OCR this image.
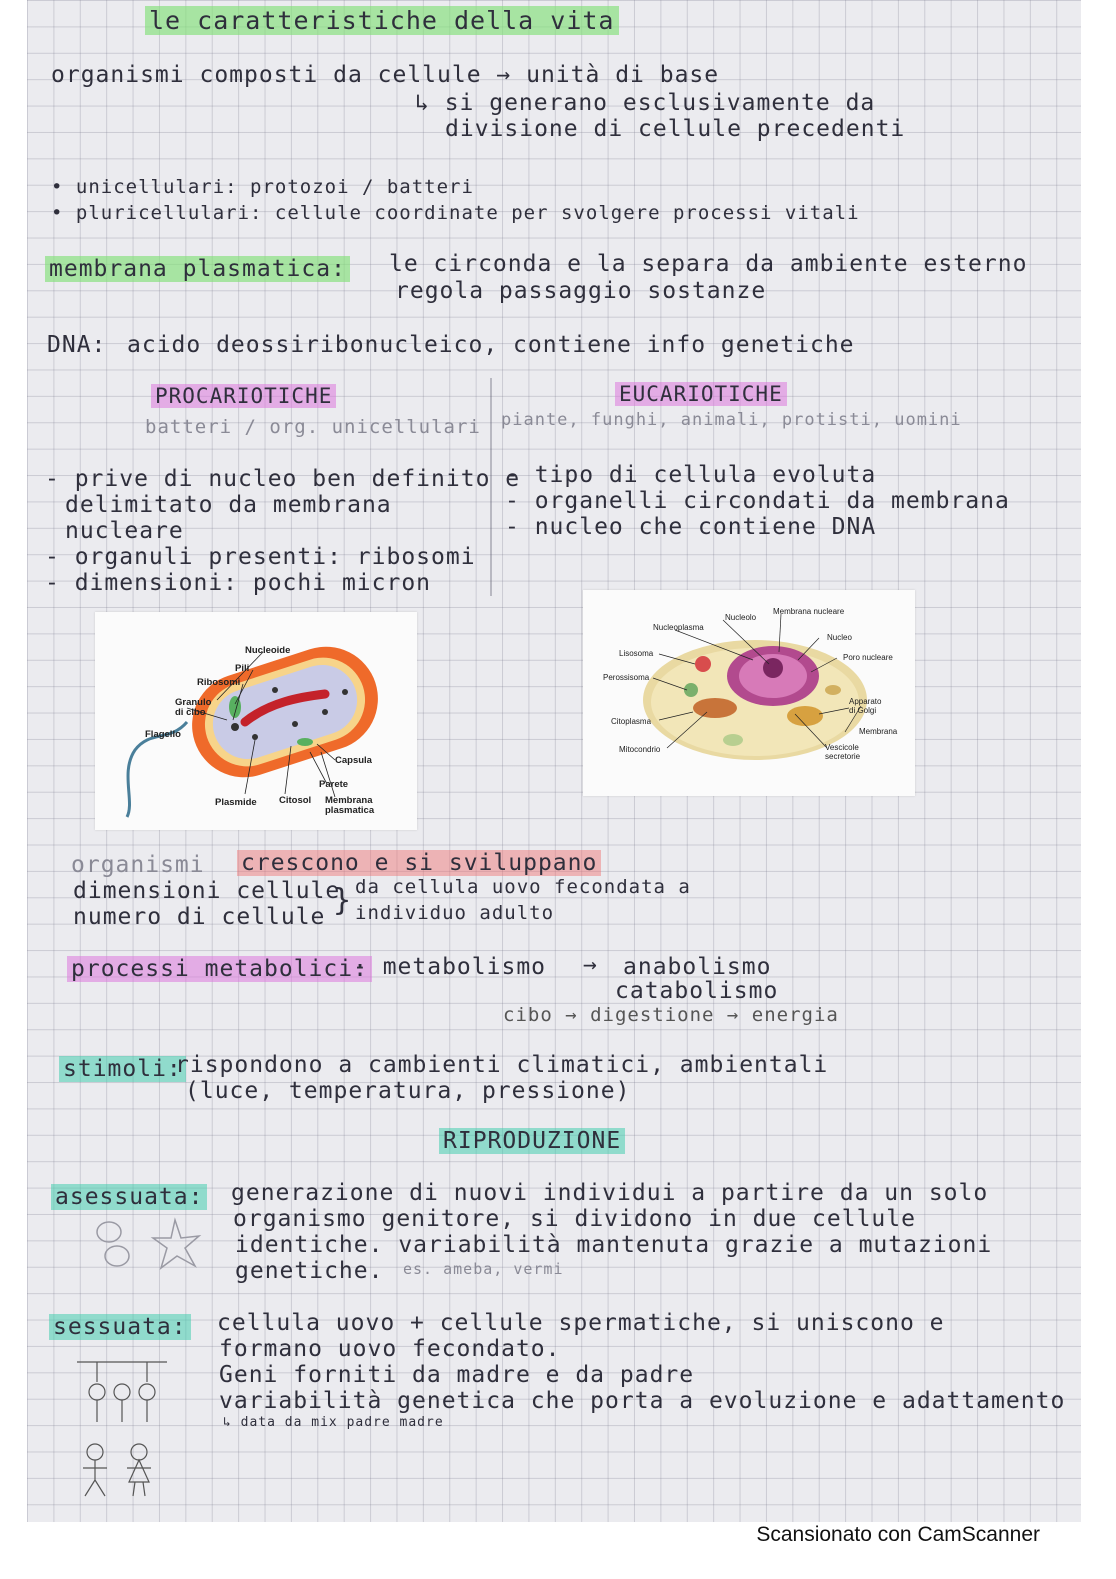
le caratteristiche della vita
organismi composti da cellule → unità di base
↳ si generano esclusivamente da
divisione di cellule precedenti
• unicellulari: protozoi / batteri
• pluricellulari: cellule coordinate per svolgere processi vitali
membrana plasmatica: le circonda e la separa da ambiente esterno
regola passaggio sostanze
DNA: acido deossiribonucleico, contiene info genetiche
PROCARIOTICHE
batteri / org. unicellulari
- prive di nucleo ben definito e
delimitato da membrana
nucleare
- organuli presenti: ribosomi
- dimensioni: pochi micron
EUCARIOTICHE
piante, funghi, animali, protisti, uomini
- tipo di cellula evoluta
- organelli circondati da membrana
- nucleo che contiene DNA
Nucleoide
Pili
Ribosomi
Granulo
di cibo
Flagello
Capsula
Parete
Plasmide Citosol Membrana
plasmatica
Nucleolo
Membrana nucleare
Nucleoplasma
Nucleo
Lisosoma	Poro nucleare
Perossisoma
Apparato
di Golgi
Citoplasma
Membrana
Mitocondrio	Vescicole
secretorie
organismi crescono e si sviluppano
dimensioni cellule
numero di cellule } da cellula uovo fecondata a
individuo adulto
processi metabolici:
- metabolismo → anabolismo
catabolismo
cibo → digestione → energia
stimoli:
rispondono a cambienti climatici, ambientali
(luce, temperatura, pressione)
RIPRODUZIONE
asessuata: generazione di nuovi individui a partire da un solo
organismo genitore, si dividono in due cellule
identiche. variabilità mantenuta grazie a mutazioni
genetiche. es. ameba, vermi
sessuata: cellula uovo + cellule spermatiche, si uniscono e
formano uovo fecondato.
Geni forniti da madre e da padre
variabilità genetica che porta a evoluzione e adattamento
↳ data da mix padre madre
Scansionato con CamScanner
